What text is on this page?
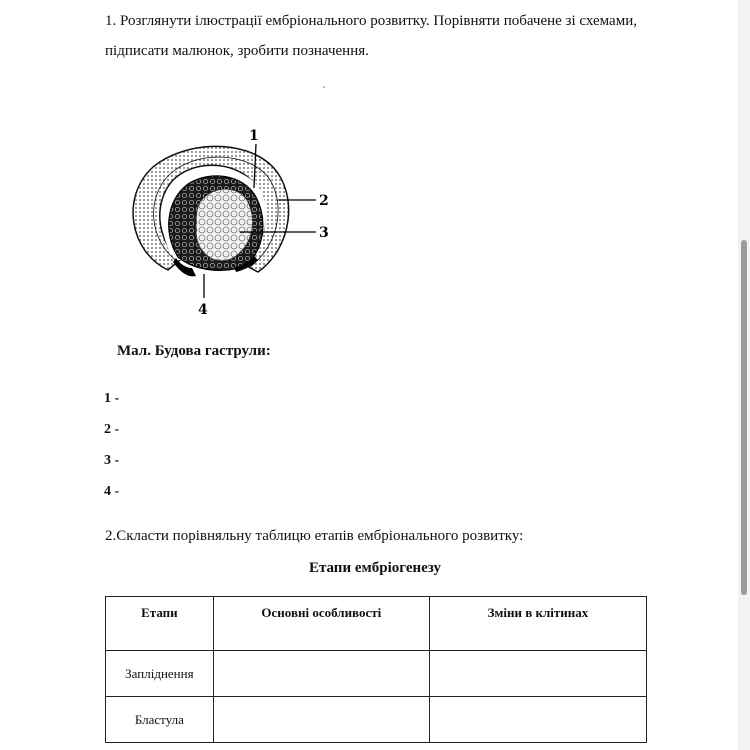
1. Розглянути ілюстрації ембріонального розвитку. Порівняти побачене зі схемами, підписати малюнок, зробити позначення.
1
2
3
4
Мал. Будова гаструли:
1 -
2 -
3 -
4 -
2.Скласти порівняльну таблицю етапів ембріонального розвитку:
Етапи ембріогенезу
Етапи	Основні особливості	Зміни в клітинах
Запліднення		
Бластула		
